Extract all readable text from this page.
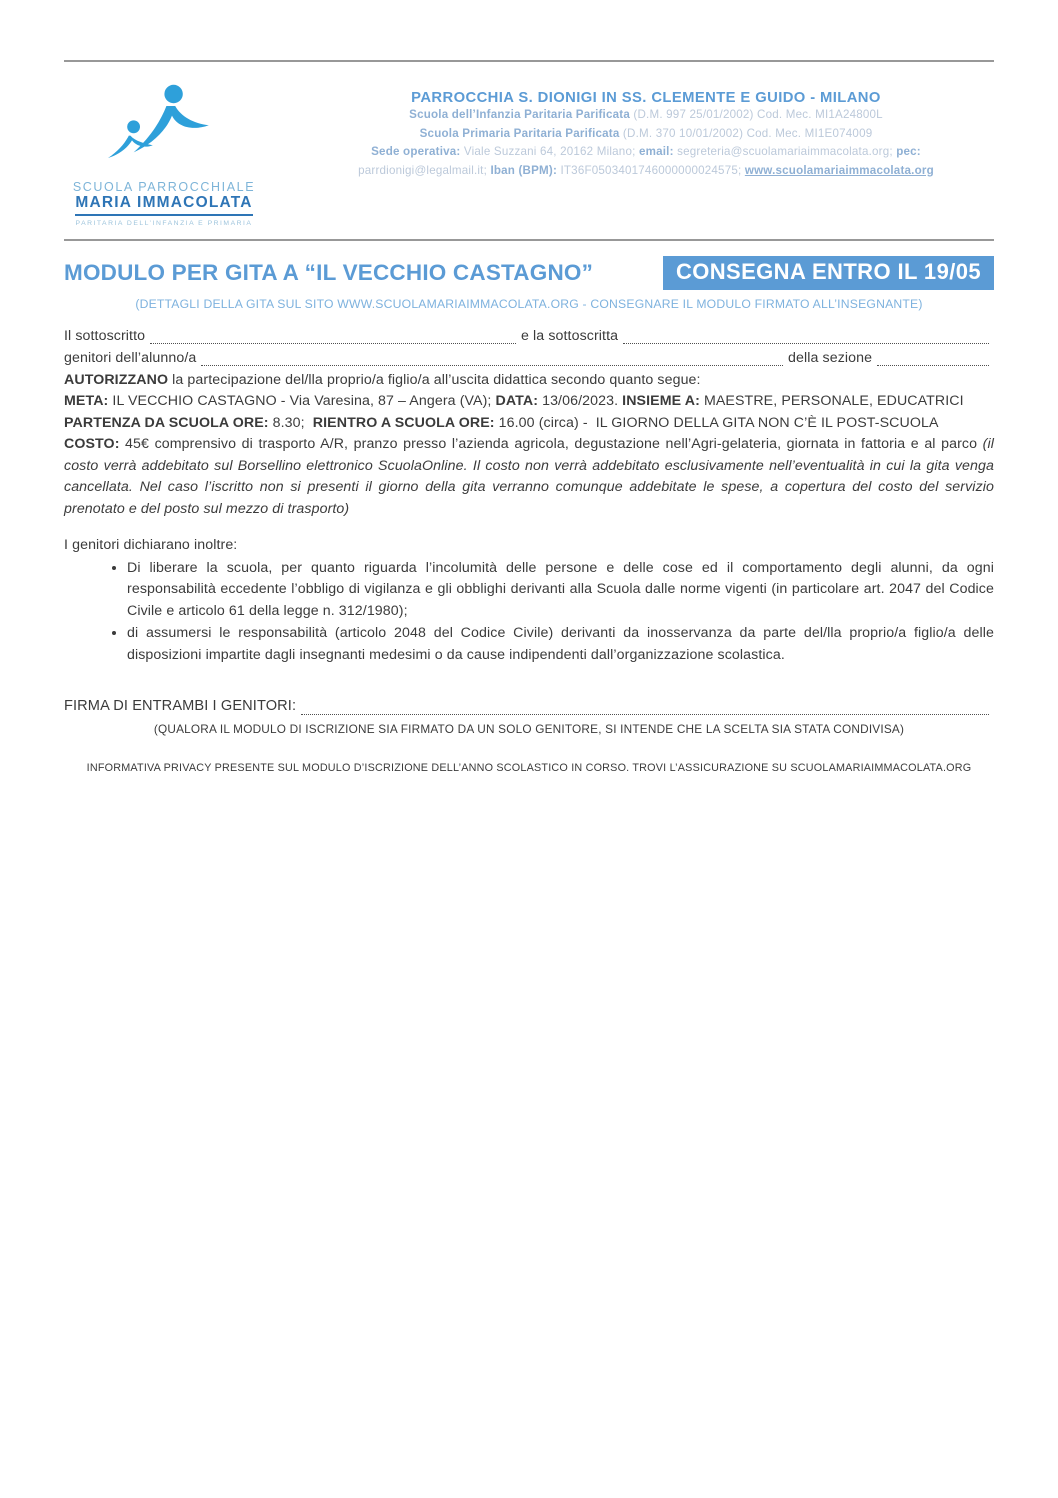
SCUOLA PARROCCHIALE
MARIA IMMACOLATA
PARITARIA DELL’INFANZIA E PRIMARIA
PARROCCHIA S. DIONIGI IN SS. CLEMENTE E GUIDO - MILANO
Scuola dell’Infanzia Paritaria Parificata (D.M. 997 25/01/2002) Cod. Mec. MI1A24800L
Scuola Primaria Paritaria Parificata (D.M. 370 10/01/2002) Cod. Mec. MI1E074009
Sede operativa: Viale Suzzani 64, 20162 Milano; email: segreteria@scuolamariaimmacolata.org; pec:
parrdionigi@legalmail.it; Iban (BPM): IT36F0503401746000000024575; www.scuolamariaimmacolata.org
MODULO PER GITA A “IL VECCHIO CASTAGNO”	CONSEGNA ENTRO IL 19/05
(DETTAGLI DELLA GITA SUL SITO WWW.SCUOLAMARIAIMMACOLATA.ORG - CONSEGNARE IL MODULO FIRMATO ALL’INSEGNANTE)
Il sottoscritto	e la sottoscritta
genitori dell’alunno/a	della sezione
AUTORIZZANO la partecipazione del/lla proprio/a figlio/a all’uscita didattica secondo quanto segue:
META: IL VECCHIO CASTAGNO - Via Varesina, 87 – Angera (VA); DATA: 13/06/2023. INSIEME A: MAESTRE, PERSONALE, EDUCATRICI
PARTENZA DA SCUOLA ORE: 8.30;  RIENTRO A SCUOLA ORE: 16.00 (circa) -  IL GIORNO DELLA GITA NON C’È IL POST-SCUOLA
COSTO: 45€ comprensivo di trasporto A/R, pranzo presso l’azienda agricola, degustazione nell’Agri-gelateria, giornata in fattoria e al parco (il costo verrà addebitato sul Borsellino elettronico ScuolaOnline. Il costo non verrà addebitato esclusivamente nell’eventualità in cui la gita venga cancellata. Nel caso l’iscritto non si presenti il giorno della gita verranno comunque addebitate le spese, a copertura del costo del servizio prenotato e del posto sul mezzo di trasporto)
I genitori dichiarano inoltre:
• Di liberare la scuola, per quanto riguarda l’incolumità delle persone e delle cose ed il comportamento degli alunni, da ogni responsabilità eccedente l’obbligo di vigilanza e gli obblighi derivanti alla Scuola dalle norme vigenti (in particolare art. 2047 del Codice Civile e articolo 61 della legge n. 312/1980);
• di assumersi le responsabilità (articolo 2048 del Codice Civile) derivanti da inosservanza da parte del/lla proprio/a figlio/a delle disposizioni impartite dagli insegnanti medesimi o da cause indipendenti dall’organizzazione scolastica.
FIRMA DI ENTRAMBI I GENITORI:
(QUALORA IL MODULO DI ISCRIZIONE SIA FIRMATO DA UN SOLO GENITORE, SI INTENDE CHE LA SCELTA SIA STATA CONDIVISA)
INFORMATIVA PRIVACY PRESENTE SUL MODULO D’ISCRIZIONE DELL’ANNO SCOLASTICO IN CORSO. TROVI L’ASSICURAZIONE SU SCUOLAMARIAIMMACOLATA.ORG
